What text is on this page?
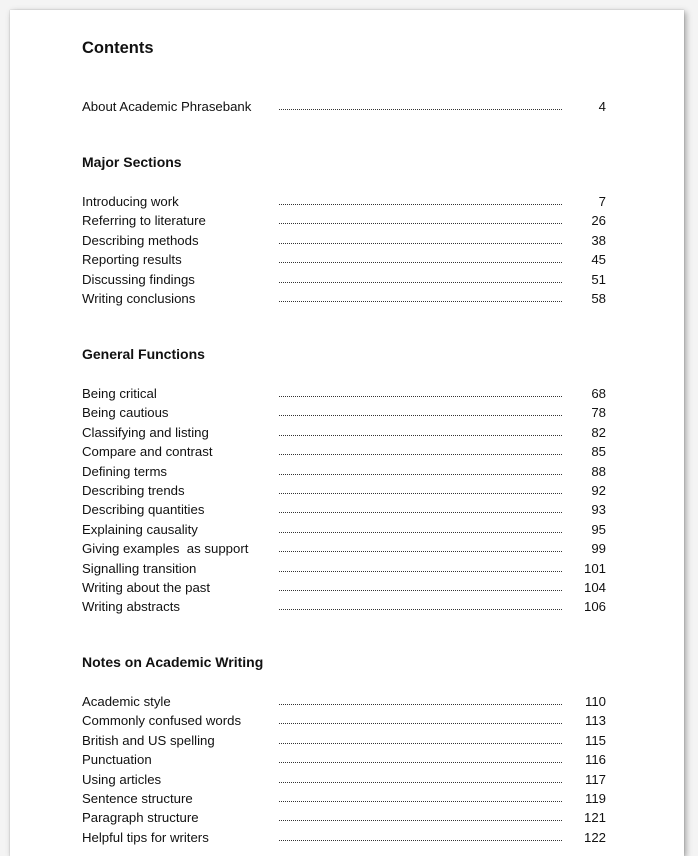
Contents
About Academic Phrasebank	4
Major Sections
Introducing work	7
Referring to literature	26
Describing methods	38
Reporting results	45
Discussing findings	51
Writing conclusions	58
General Functions
Being critical	68
Being cautious	78
Classifying and listing	82
Compare and contrast	85
Defining terms	88
Describing trends	92
Describing quantities	93
Explaining causality	95
Giving examples  as support	99
Signalling transition	101
Writing about the past	104
Writing abstracts	106
Notes on Academic Writing
Academic style	110
Commonly confused words	113
British and US spelling	115
Punctuation	116
Using articles	117
Sentence structure	119
Paragraph structure	121
Helpful tips for writers	122
